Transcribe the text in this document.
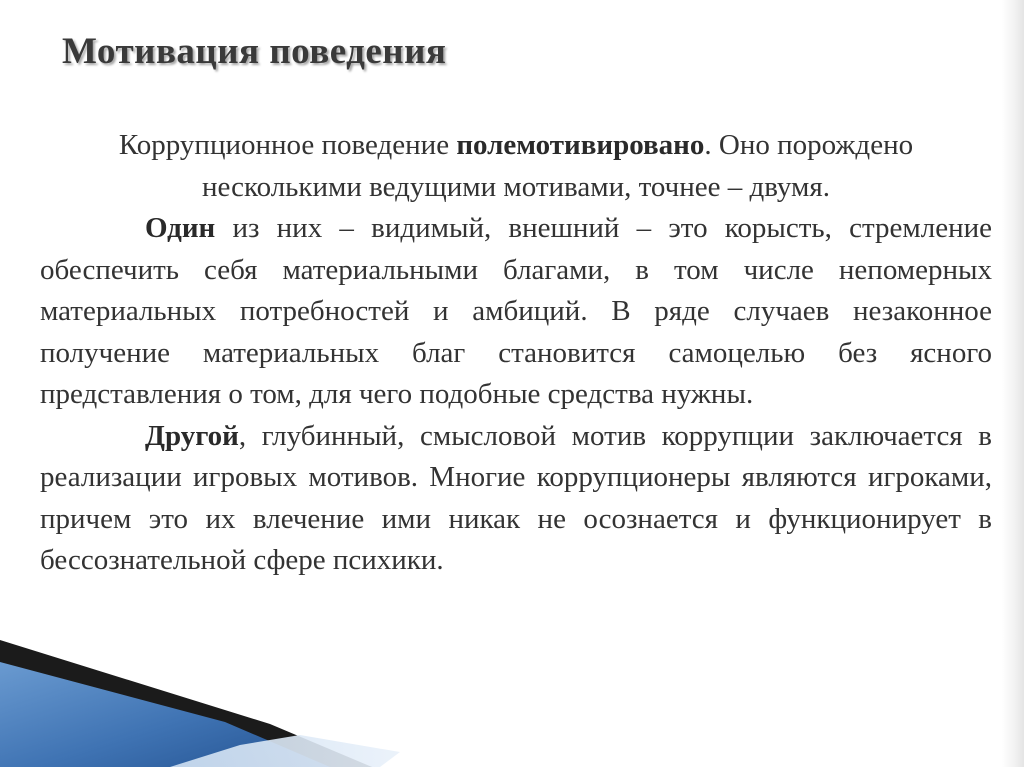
Мотивация поведения

Коррупционное поведение полемотивировано. Оно порождено несколькими ведущими мотивами, точнее – двумя.

Один из них – видимый, внешний – это корысть, стремление обеспечить себя материальными благами, в том числе непомерных материальных потребностей и амбиций. В ряде случаев незаконное получение материальных благ становится самоцелью без ясного представления о том, для чего подобные средства нужны.

Другой, глубинный, смысловой мотив коррупции заключается в реализации игровых мотивов. Многие коррупционеры являются игроками, причем это их влечение ими никак не осознается и функционирует в бессознательной сфере психики.
